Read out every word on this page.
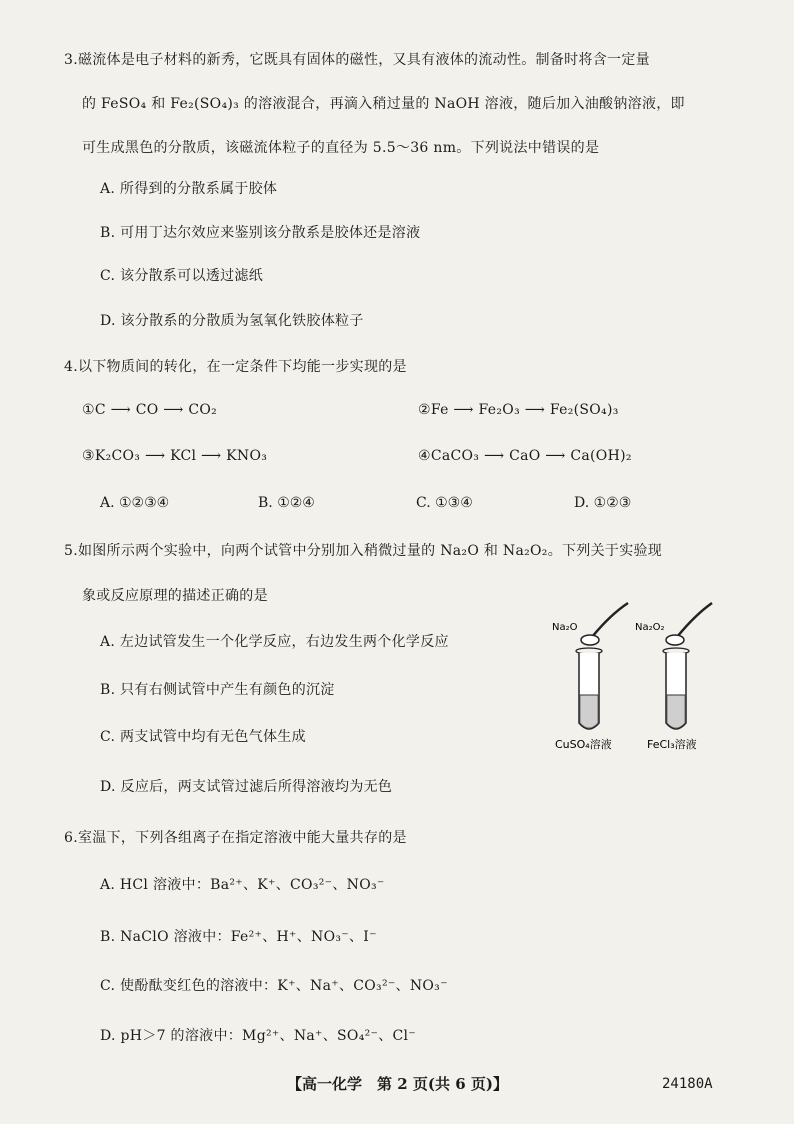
3.磁流体是电子材料的新秀，它既具有固体的磁性，又具有液体的流动性。制备时将含一定量
的 FeSO₄ 和 Fe₂(SO₄)₃ 的溶液混合，再滴入稍过量的 NaOH 溶液，随后加入油酸钠溶液，即
可生成黑色的分散质，该磁流体粒子的直径为 5.5～36 nm。下列说法中错误的是
A. 所得到的分散系属于胶体
B. 可用丁达尔效应来鉴别该分散系是胶体还是溶液
C. 该分散系可以透过滤纸
D. 该分散系的分散质为氢氧化铁胶体粒子
4.以下物质间的转化，在一定条件下均能一步实现的是
①C ⟶ CO ⟶ CO₂	②Fe ⟶ Fe₂O₃ ⟶ Fe₂(SO₄)₃
③K₂CO₃ ⟶ KCl ⟶ KNO₃	④CaCO₃ ⟶ CaO ⟶ Ca(OH)₂
A. ①②③④	B. ①②④	C. ①③④	D. ①②③
5.如图所示两个实验中，向两个试管中分别加入稍微过量的 Na₂O 和 Na₂O₂。下列关于实验现
象或反应原理的描述正确的是
A. 左边试管发生一个化学反应，右边发生两个化学反应
B. 只有右侧试管中产生有颜色的沉淀
C. 两支试管中均有无色气体生成
D. 反应后，两支试管过滤后所得溶液均为无色
Na₂O	Na₂O₂
CuSO₄溶液	FeCl₃溶液
6.室温下，下列各组离子在指定溶液中能大量共存的是
A. HCl 溶液中：Ba²⁺、K⁺、CO₃²⁻、NO₃⁻
B. NaClO 溶液中：Fe²⁺、H⁺、NO₃⁻、I⁻
C. 使酚酞变红色的溶液中：K⁺、Na⁺、CO₃²⁻、NO₃⁻
D. pH＞7 的溶液中：Mg²⁺、Na⁺、SO₄²⁻、Cl⁻
【高一化学　第 2 页(共 6 页)】	24180A
